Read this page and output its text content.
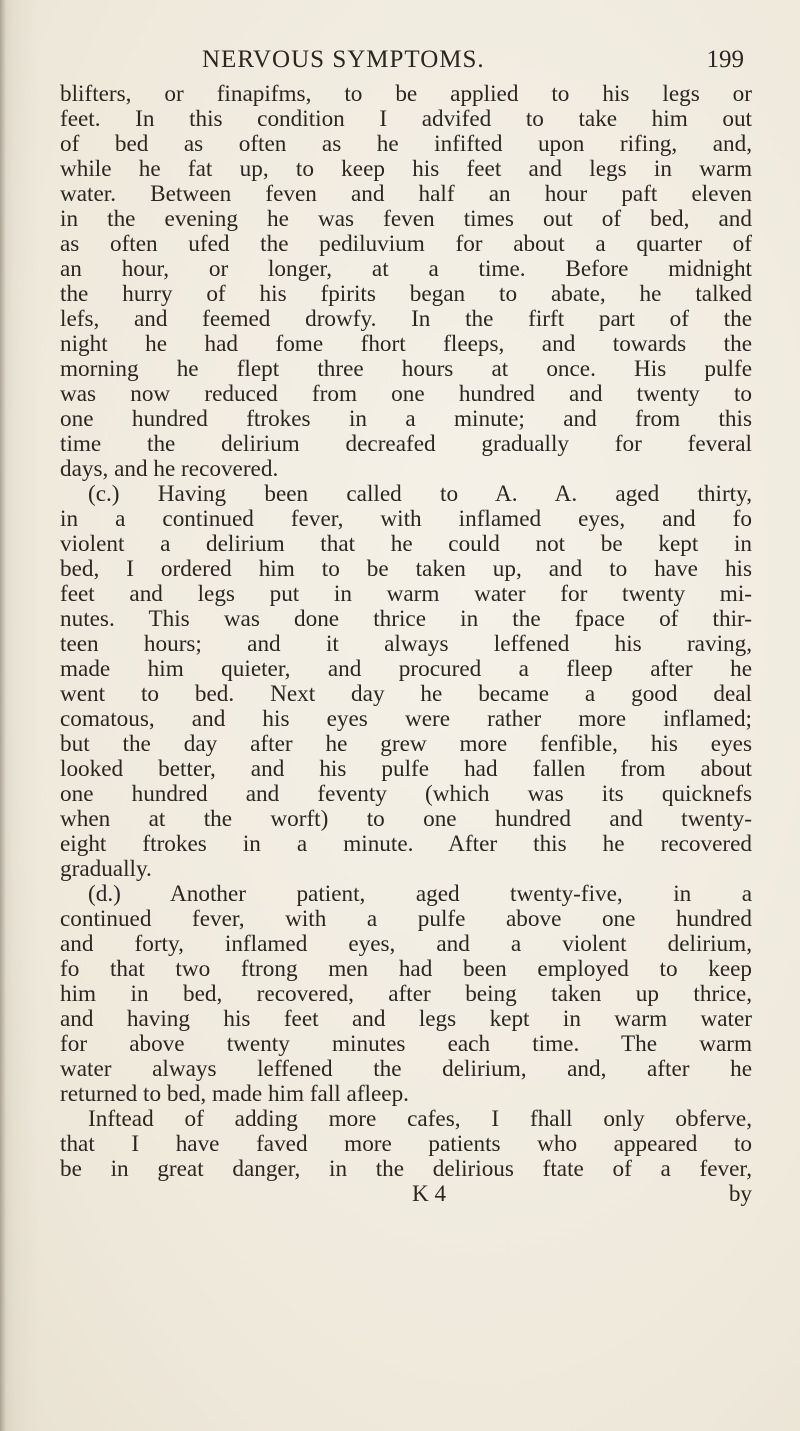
NERVOUS SYMPTOMS.	199
blifters, or finapifms, to be applied to his legs or
feet. In this condition I advifed to take him out
of bed as often as he infifted upon rifing, and,
while he fat up, to keep his feet and legs in warm
water. Between feven and half an hour paft eleven
in the evening he was feven times out of bed, and
as often ufed the pediluvium for about a quarter of
an hour, or longer, at a time. Before midnight
the hurry of his fpirits began to abate, he talked
lefs, and feemed drowfy. In the firft part of the
night he had fome fhort fleeps, and towards the
morning he flept three hours at once. His pulfe
was now reduced from one hundred and twenty to
one hundred ftrokes in a minute; and from this
time the delirium decreafed gradually for feveral
days, and he recovered.
(c.) Having been called to A. A. aged thirty,
in a continued fever, with inflamed eyes, and fo
violent a delirium that he could not be kept in
bed, I ordered him to be taken up, and to have his
feet and legs put in warm water for twenty mi-
nutes. This was done thrice in the fpace of thir-
teen hours; and it always leffened his raving,
made him quieter, and procured a fleep after he
went to bed. Next day he became a good deal
comatous, and his eyes were rather more inflamed;
but the day after he grew more fenfible, his eyes
looked better, and his pulfe had fallen from about
one hundred and feventy (which was its quicknefs
when at the worft) to one hundred and twenty-
eight ftrokes in a minute. After this he recovered
gradually.
(d.) Another patient, aged twenty-five, in a
continued fever, with a pulfe above one hundred
and forty, inflamed eyes, and a violent delirium,
fo that two ftrong men had been employed to keep
him in bed, recovered, after being taken up thrice,
and having his feet and legs kept in warm water
for above twenty minutes each time. The warm
water always leffened the delirium, and, after he
returned to bed, made him fall afleep.
Inftead of adding more cafes, I fhall only obferve,
that I have faved more patients who appeared to
be in great danger, in the delirious ftate of a fever,
K 4	by
